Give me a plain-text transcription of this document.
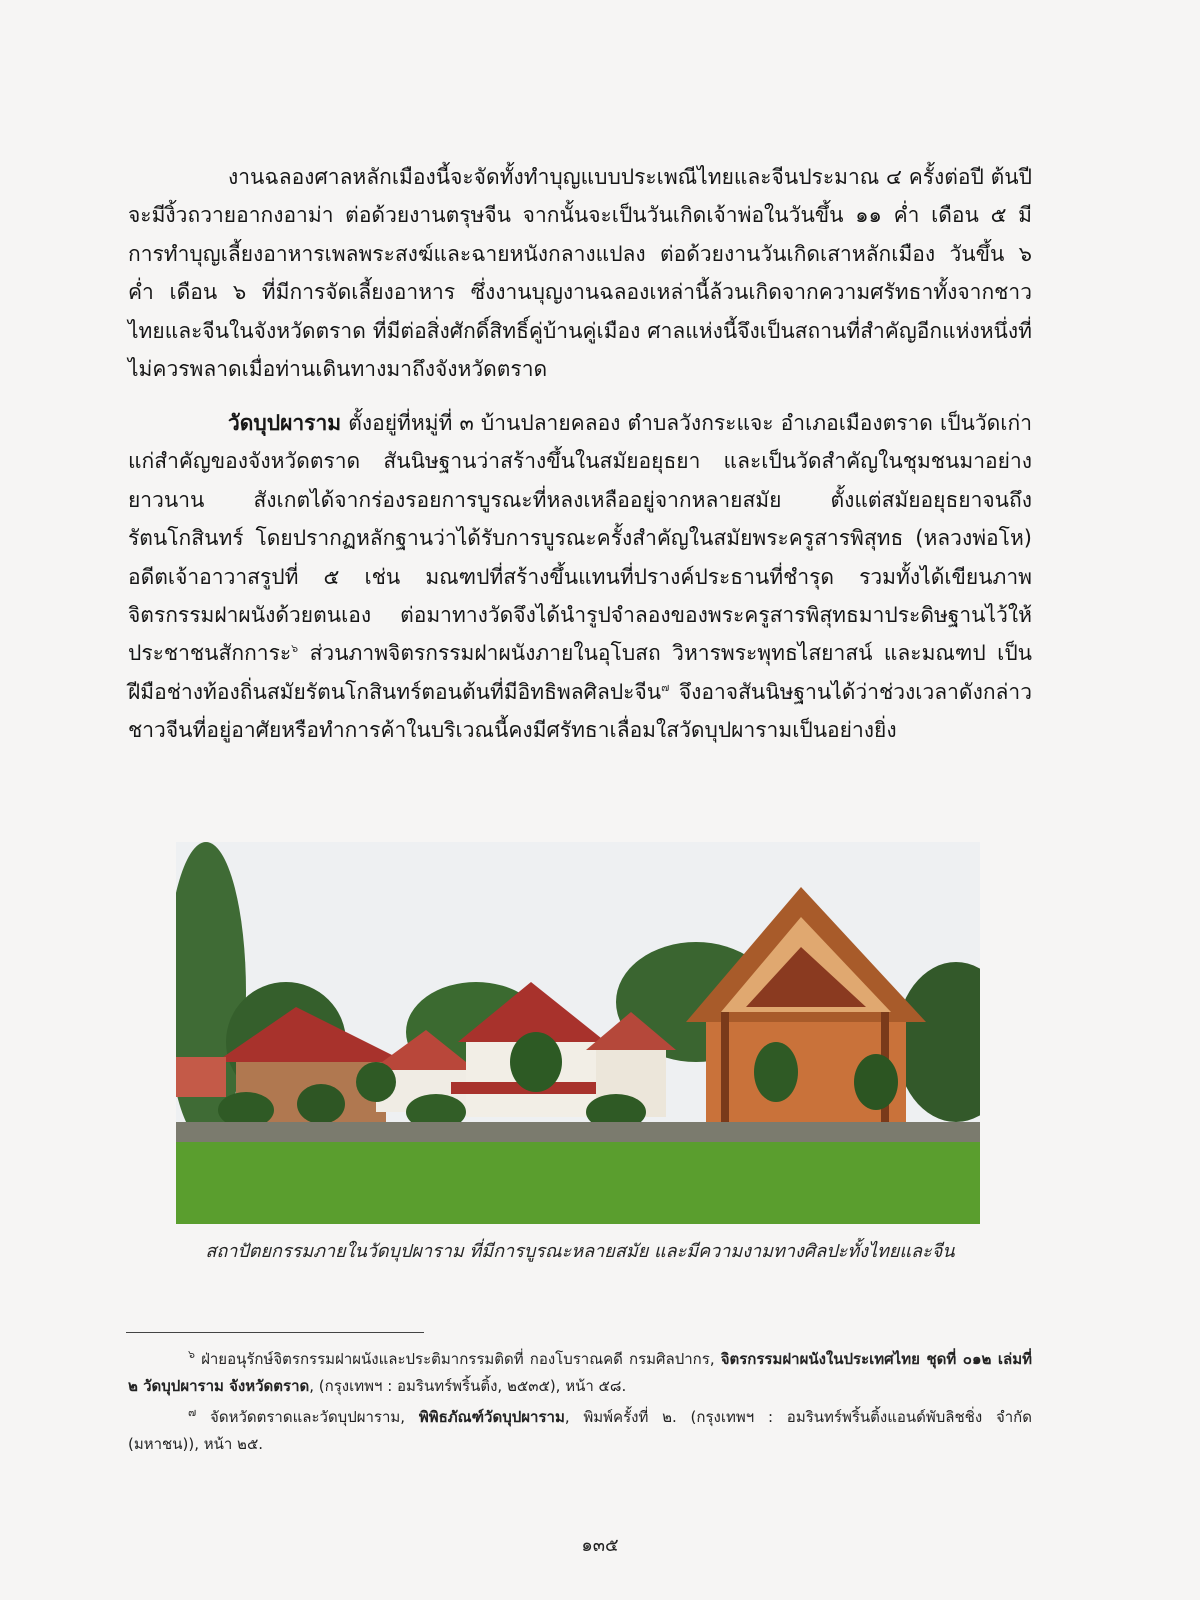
งานฉลองศาลหลักเมืองนี้จะจัดทั้งทำบุญแบบประเพณีไทยและจีนประมาณ ๔ ครั้งต่อปี ต้นปีจะมีงิ้วถวายอากงอาม่า ต่อด้วยงานตรุษจีน จากนั้นจะเป็นวันเกิดเจ้าพ่อในวันขึ้น ๑๑ ค่ำ เดือน ๕ มีการทำบุญเลี้ยงอาหารเพลพระสงฆ์และฉายหนังกลางแปลง ต่อด้วยงานวันเกิดเสาหลักเมือง วันขึ้น ๖ ค่ำ เดือน ๖ ที่มีการจัดเลี้ยงอาหาร ซึ่งงานบุญงานฉลองเหล่านี้ล้วนเกิดจากความศรัทธาทั้งจากชาวไทยและจีนในจังหวัดตราด ที่มีต่อสิ่งศักดิ์สิทธิ์คู่บ้านคู่เมือง ศาลแห่งนี้จึงเป็นสถานที่สำคัญอีกแห่งหนึ่งที่ไม่ควรพลาดเมื่อท่านเดินทางมาถึงจังหวัดตราด

วัดบุปผาราม ตั้งอยู่ที่หมู่ที่ ๓ บ้านปลายคลอง ตำบลวังกระแจะ อำเภอเมืองตราด เป็นวัดเก่าแก่สำคัญของจังหวัดตราด สันนิษฐานว่าสร้างขึ้นในสมัยอยุธยา และเป็นวัดสำคัญในชุมชนมาอย่างยาวนาน สังเกตได้จากร่องรอยการบูรณะที่หลงเหลืออยู่จากหลายสมัย ตั้งแต่สมัยอยุธยาจนถึงรัตนโกสินทร์ โดยปรากฏหลักฐานว่าได้รับการบูรณะครั้งสำคัญในสมัยพระครูสารพิสุทธ (หลวงพ่อโห) อดีตเจ้าอาวาสรูปที่ ๕ เช่น มณฑปที่สร้างขึ้นแทนที่ปรางค์ประธานที่ชำรุด รวมทั้งได้เขียนภาพจิตรกรรมฝาผนังด้วยตนเอง ต่อมาทางวัดจึงได้นำรูปจำลองของพระครูสารพิสุทธมาประดิษฐานไว้ให้ประชาชนสักการะ$^๖$ ส่วนภาพจิตรกรรมฝาผนังภายในอุโบสถ วิหารพระพุทธไสยาสน์ และมณฑป เป็นฝีมือช่างท้องถิ่นสมัยรัตนโกสินทร์ตอนต้นที่มีอิทธิพลศิลปะจีน$^๗$ จึงอาจสันนิษฐานได้ว่าช่วงเวลาดังกล่าว ชาวจีนที่อยู่อาศัยหรือทำการค้าในบริเวณนี้คงมีศรัทธาเลื่อมใสวัดบุปผารามเป็นอย่างยิ่ง

สถาปัตยกรรมภายในวัดบุปผาราม ที่มีการบูรณะหลายสมัย และมีความงามทางศิลปะทั้งไทยและจีน

$^๖$ ฝ่ายอนุรักษ์จิตรกรรมฝาผนังและประติมากรรมติดที่ กองโบราณคดี กรมศิลปากร, จิตรกรรมฝาผนังในประเทศไทย ชุดที่ ๐๑๒ เล่มที่ ๒ วัดบุปผาราม จังหวัดตราด, (กรุงเทพฯ : อมรินทร์พริ้นติ้ง, ๒๕๓๕), หน้า ๕๘.

$^๗$ จัดหวัดตราดและวัดบุปผาราม, พิพิธภัณฑ์วัดบุปผาราม, พิมพ์ครั้งที่ ๒. (กรุงเทพฯ : อมรินทร์พริ้นติ้งแอนด์พับลิชชิ่ง จำกัด (มหาชน)), หน้า ๒๕.

๑๓๕
